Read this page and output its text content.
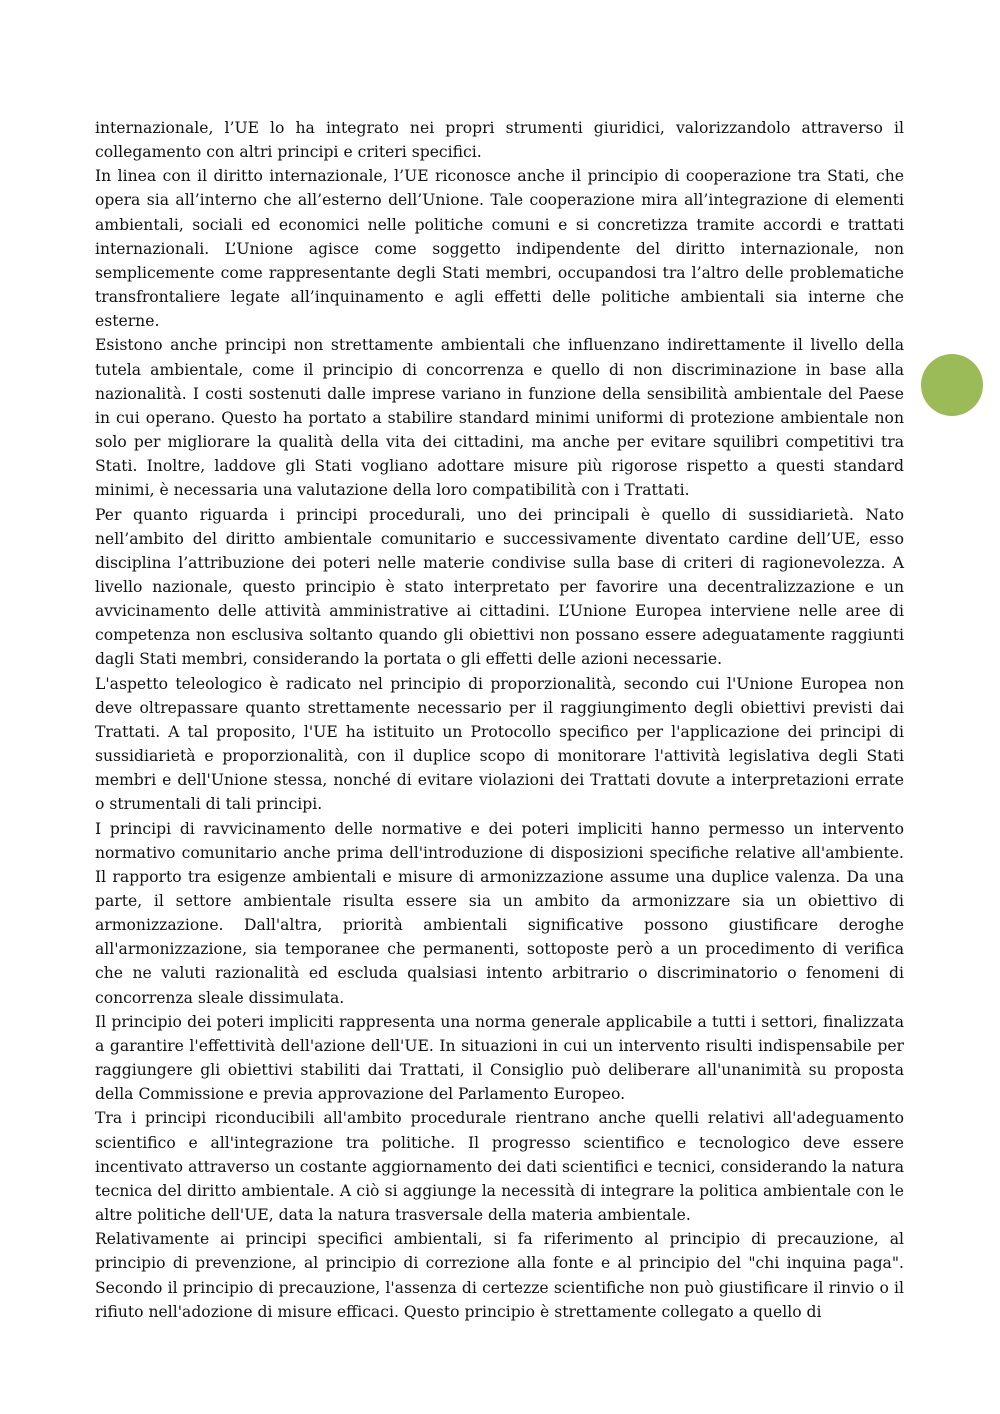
internazionale, l’UE lo ha integrato nei propri strumenti giuridici, valorizzandolo attraverso il collegamento con altri principi e criteri specifici.

In linea con il diritto internazionale, l’UE riconosce anche il principio di cooperazione tra Stati, che opera sia all’interno che all’esterno dell’Unione. Tale cooperazione mira all’integrazione di elementi ambientali, sociali ed economici nelle politiche comuni e si concretizza tramite accordi e trattati internazionali. L’Unione agisce come soggetto indipendente del diritto internazionale, non semplicemente come rappresentante degli Stati membri, occupandosi tra l’altro delle problematiche transfrontaliere legate all’inquinamento e agli effetti delle politiche ambientali sia interne che esterne.

Esistono anche principi non strettamente ambientali che influenzano indirettamente il livello della tutela ambientale, come il principio di concorrenza e quello di non discriminazione in base alla nazionalità. I costi sostenuti dalle imprese variano in funzione della sensibilità ambientale del Paese in cui operano. Questo ha portato a stabilire standard minimi uniformi di protezione ambientale non solo per migliorare la qualità della vita dei cittadini, ma anche per evitare squilibri competitivi tra Stati. Inoltre, laddove gli Stati vogliano adottare misure più rigorose rispetto a questi standard minimi, è necessaria una valutazione della loro compatibilità con i Trattati.

Per quanto riguarda i principi procedurali, uno dei principali è quello di sussidiarietà. Nato nell’ambito del diritto ambientale comunitario e successivamente diventato cardine dell’UE, esso disciplina l’attribuzione dei poteri nelle materie condivise sulla base di criteri di ragionevolezza. A livello nazionale, questo principio è stato interpretato per favorire una decentralizzazione e un avvicinamento delle attività amministrative ai cittadini. L’Unione Europea interviene nelle aree di competenza non esclusiva soltanto quando gli obiettivi non possano essere adeguatamente raggiunti dagli Stati membri, considerando la portata o gli effetti delle azioni necessarie.

L'aspetto teleologico è radicato nel principio di proporzionalità, secondo cui l'Unione Europea non deve oltrepassare quanto strettamente necessario per il raggiungimento degli obiettivi previsti dai Trattati. A tal proposito, l'UE ha istituito un Protocollo specifico per l'applicazione dei principi di sussidiarietà e proporzionalità, con il duplice scopo di monitorare l'attività legislativa degli Stati membri e dell'Unione stessa, nonché di evitare violazioni dei Trattati dovute a interpretazioni errate o strumentali di tali principi.

I principi di ravvicinamento delle normative e dei poteri impliciti hanno permesso un intervento normativo comunitario anche prima dell'introduzione di disposizioni specifiche relative all'ambiente. Il rapporto tra esigenze ambientali e misure di armonizzazione assume una duplice valenza. Da una parte, il settore ambientale risulta essere sia un ambito da armonizzare sia un obiettivo di armonizzazione. Dall'altra, priorità ambientali significative possono giustificare deroghe all'armonizzazione, sia temporanee che permanenti, sottoposte però a un procedimento di verifica che ne valuti razionalità ed escluda qualsiasi intento arbitrario o discriminatorio o fenomeni di concorrenza sleale dissimulata.

Il principio dei poteri impliciti rappresenta una norma generale applicabile a tutti i settori, finalizzata a garantire l'effettività dell'azione dell'UE. In situazioni in cui un intervento risulti indispensabile per raggiungere gli obiettivi stabiliti dai Trattati, il Consiglio può deliberare all'unanimità su proposta della Commissione e previa approvazione del Parlamento Europeo.

Tra i principi riconducibili all'ambito procedurale rientrano anche quelli relativi all'adeguamento scientifico e all'integrazione tra politiche. Il progresso scientifico e tecnologico deve essere incentivato attraverso un costante aggiornamento dei dati scientifici e tecnici, considerando la natura tecnica del diritto ambientale. A ciò si aggiunge la necessità di integrare la politica ambientale con le altre politiche dell'UE, data la natura trasversale della materia ambientale.

Relativamente ai principi specifici ambientali, si fa riferimento al principio di precauzione, al principio di prevenzione, al principio di correzione alla fonte e al principio del "chi inquina paga". Secondo il principio di precauzione, l'assenza di certezze scientifiche non può giustificare il rinvio o il rifiuto nell'adozione di misure efficaci. Questo principio è strettamente collegato a quello di
